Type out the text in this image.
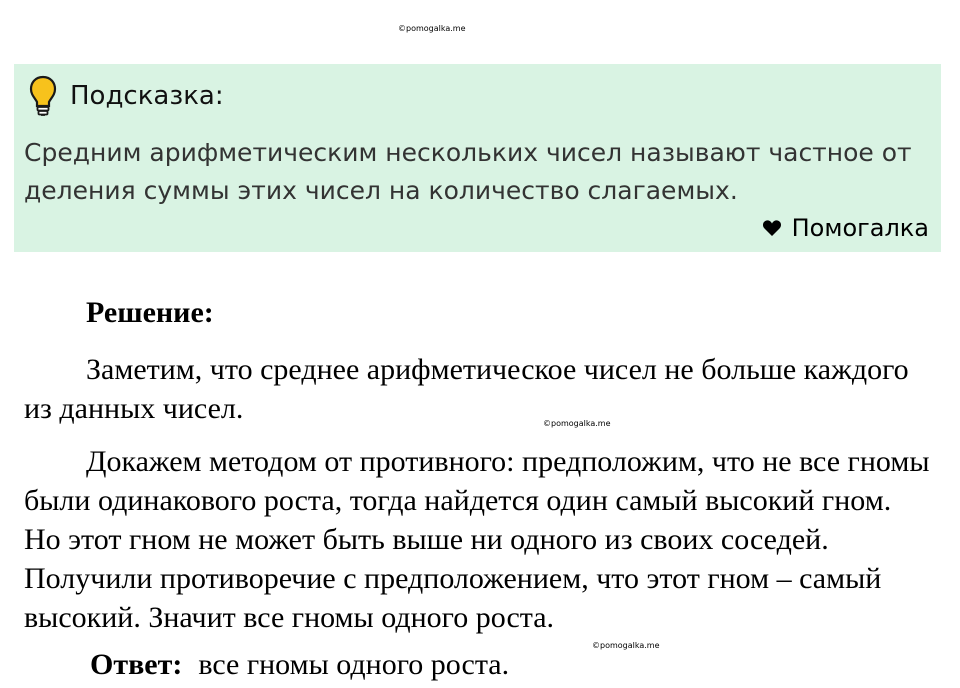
©pomogalka.me
Подсказка:
Средним арифметическим нескольких чисел называют частное от деления суммы этих чисел на количество слагаемых.
Помогалка
Решение:

Заметим, что среднее арифметическое чисел не больше каждого из данных чисел.	©pomogalka.me

Докажем методом от противного: предположим, что не все гномы были одинакового роста, тогда найдется один самый высокий гном. Но этот гном не может быть выше ни одного из своих соседей. Получили противоречие с предположением, что этот гном – самый высокий. Значит все гномы одного роста.

©pomogalka.me
Ответ: все гномы одного роста.
